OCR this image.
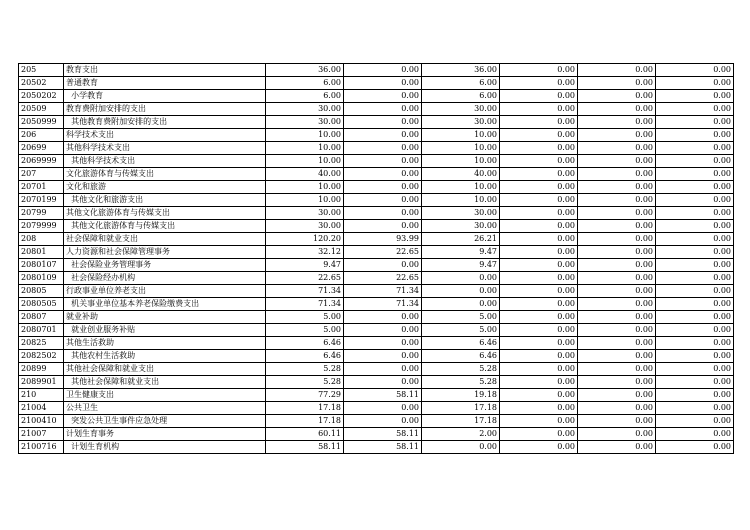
205	教育支出	36.00	0.00	36.00	0.00	0.00	0.00
20502	普通教育	6.00	0.00	6.00	0.00	0.00	0.00
2050202	小学教育	6.00	0.00	6.00	0.00	0.00	0.00
20509	教育费附加安排的支出	30.00	0.00	30.00	0.00	0.00	0.00
2050999	其他教育费附加安排的支出	30.00	0.00	30.00	0.00	0.00	0.00
206	科学技术支出	10.00	0.00	10.00	0.00	0.00	0.00
20699	其他科学技术支出	10.00	0.00	10.00	0.00	0.00	0.00
2069999	其他科学技术支出	10.00	0.00	10.00	0.00	0.00	0.00
207	文化旅游体育与传媒支出	40.00	0.00	40.00	0.00	0.00	0.00
20701	文化和旅游	10.00	0.00	10.00	0.00	0.00	0.00
2070199	其他文化和旅游支出	10.00	0.00	10.00	0.00	0.00	0.00
20799	其他文化旅游体育与传媒支出	30.00	0.00	30.00	0.00	0.00	0.00
2079999	其他文化旅游体育与传媒支出	30.00	0.00	30.00	0.00	0.00	0.00
208	社会保障和就业支出	120.20	93.99	26.21	0.00	0.00	0.00
20801	人力资源和社会保障管理事务	32.12	22.65	9.47	0.00	0.00	0.00
2080107	社会保险业务管理事务	9.47	0.00	9.47	0.00	0.00	0.00
2080109	社会保险经办机构	22.65	22.65	0.00	0.00	0.00	0.00
20805	行政事业单位养老支出	71.34	71.34	0.00	0.00	0.00	0.00
2080505	机关事业单位基本养老保险缴费支出	71.34	71.34	0.00	0.00	0.00	0.00
20807	就业补助	5.00	0.00	5.00	0.00	0.00	0.00
2080701	就业创业服务补贴	5.00	0.00	5.00	0.00	0.00	0.00
20825	其他生活救助	6.46	0.00	6.46	0.00	0.00	0.00
2082502	其他农村生活救助	6.46	0.00	6.46	0.00	0.00	0.00
20899	其他社会保障和就业支出	5.28	0.00	5.28	0.00	0.00	0.00
2089901	其他社会保障和就业支出	5.28	0.00	5.28	0.00	0.00	0.00
210	卫生健康支出	77.29	58.11	19.18	0.00	0.00	0.00
21004	公共卫生	17.18	0.00	17.18	0.00	0.00	0.00
2100410	突发公共卫生事件应急处理	17.18	0.00	17.18	0.00	0.00	0.00
21007	计划生育事务	60.11	58.11	2.00	0.00	0.00	0.00
2100716	计划生育机构	58.11	58.11	0.00	0.00	0.00	0.00
